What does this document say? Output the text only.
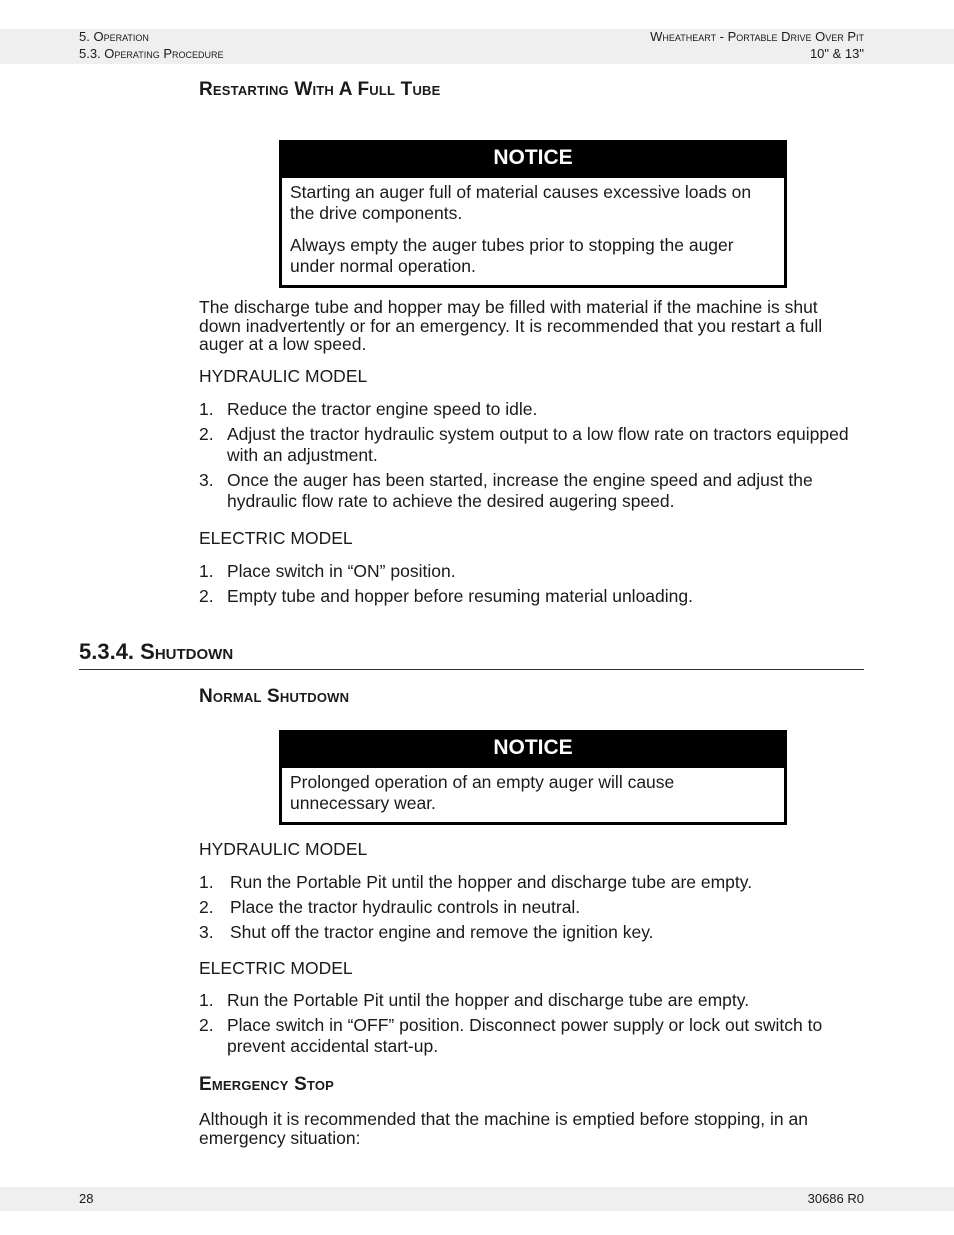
5. Operation
5.3. Operating Procedure
Wheatheart - Portable Drive Over Pit
10" & 13"
Restarting With A Full Tube
NOTICE

Starting an auger full of material causes excessive loads on the drive components.

Always empty the auger tubes prior to stopping the auger under normal operation.

The discharge tube and hopper may be filled with material if the machine is shut down inadvertently or for an emergency. It is recommended that you restart a full auger at a low speed.

HYDRAULIC MODEL

1. Reduce the tractor engine speed to idle.
2. Adjust the tractor hydraulic system output to a low flow rate on tractors equipped with an adjustment.
3. Once the auger has been started, increase the engine speed and adjust the hydraulic flow rate to achieve the desired augering speed.

ELECTRIC MODEL

1. Place switch in “ON” position.
2. Empty tube and hopper before resuming material unloading.
5.3.4. Shutdown
Normal Shutdown
NOTICE

Prolonged operation of an empty auger will cause unnecessary wear.

HYDRAULIC MODEL

1. Run the Portable Pit until the hopper and discharge tube are empty.
2. Place the tractor hydraulic controls in neutral.
3. Shut off the tractor engine and remove the ignition key.

ELECTRIC MODEL

1. Run the Portable Pit until the hopper and discharge tube are empty.
2. Place switch in “OFF” position. Disconnect power supply or lock out switch to prevent accidental start-up.
Emergency Stop

Although it is recommended that the machine is emptied before stopping, in an emergency situation:

28	30686 R0
